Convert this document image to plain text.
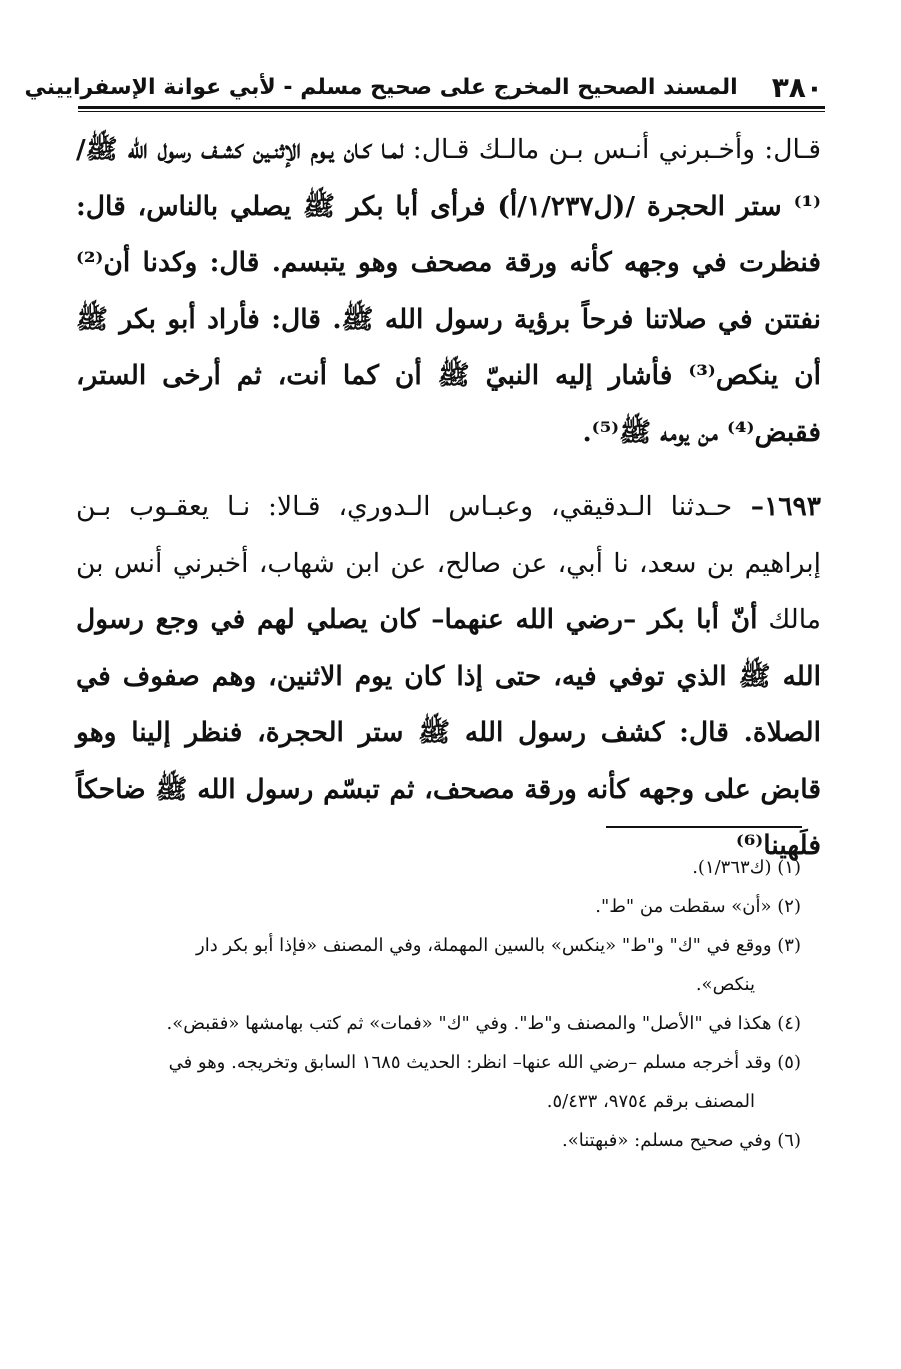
٣٨٠
المسند الصحيح المخرج على صحيح مسلم - لأبي عوانة الإسفراييني

قـال: وأخـبرني أنـس بـن مالـك قـال: لمـا كـان يـوم الإثنـين كشـف رسول الله ﷺ/⁽¹⁾ ستر الحجرة /(ل١/٢٣٧/أ) فرأى أبا بكر ﷺ يصلي بالناس، قال: فنظرت في وجهه كأنه ورقة مصحف وهو يتبسم. قال: وكدنا أن⁽²⁾ نفتتن في صلاتنا فرحاً برؤية رسول الله ﷺ. قال: فأراد أبو بكر ﷺ أن ينكص⁽³⁾ فأشار إليه النبيّ ﷺ أن كما أنت، ثم أرخى الستر، فقبض⁽⁴⁾ من يومه ﷺ⁽⁵⁾.

١٦٩٣– حـدثنا الـدقيقي، وعبـاس الـدوري، قـالا: نـا يعقـوب بـن إبراهيم بن سعد، نا أبي، عن صالح، عن ابن شهاب، أخبرني أنس بن مالك أنّ أبا بكر –رضي الله عنهما– كان يصلي لهم في وجع رسول الله ﷺ الذي توفي فيه، حتى إذا كان يوم الاثنين، وهم صفوف في الصلاة. قال: كشف رسول الله ﷺ ستر الحجرة، فنظر إلينا وهو قابض على وجهه كأنه ورقة مصحف، ثم تبسّم رسول الله ﷺ ضاحكاً فلَهينا⁽⁶⁾

(١) (ك١/٣٦٣).

(٢) «أن» سقطت من "ط".

(٣) ووقع في "ك" و"ط" «ينكس» بالسين المهملة، وفي المصنف «فإذا أبو بكر دار

ينكص».

(٤) هكذا في "الأصل" والمصنف و"ط". وفي "ك" «فمات» ثم كتب بهامشها «فقبض».

(٥) وقد أخرجه مسلم –رضي الله عنها– انظر: الحديث ١٦٨٥ السابق وتخريجه. وهو في

المصنف برقم ٩٧٥٤، ٥/٤٣٣.

(٦) وفي صحيح مسلم: «فبهتنا».
